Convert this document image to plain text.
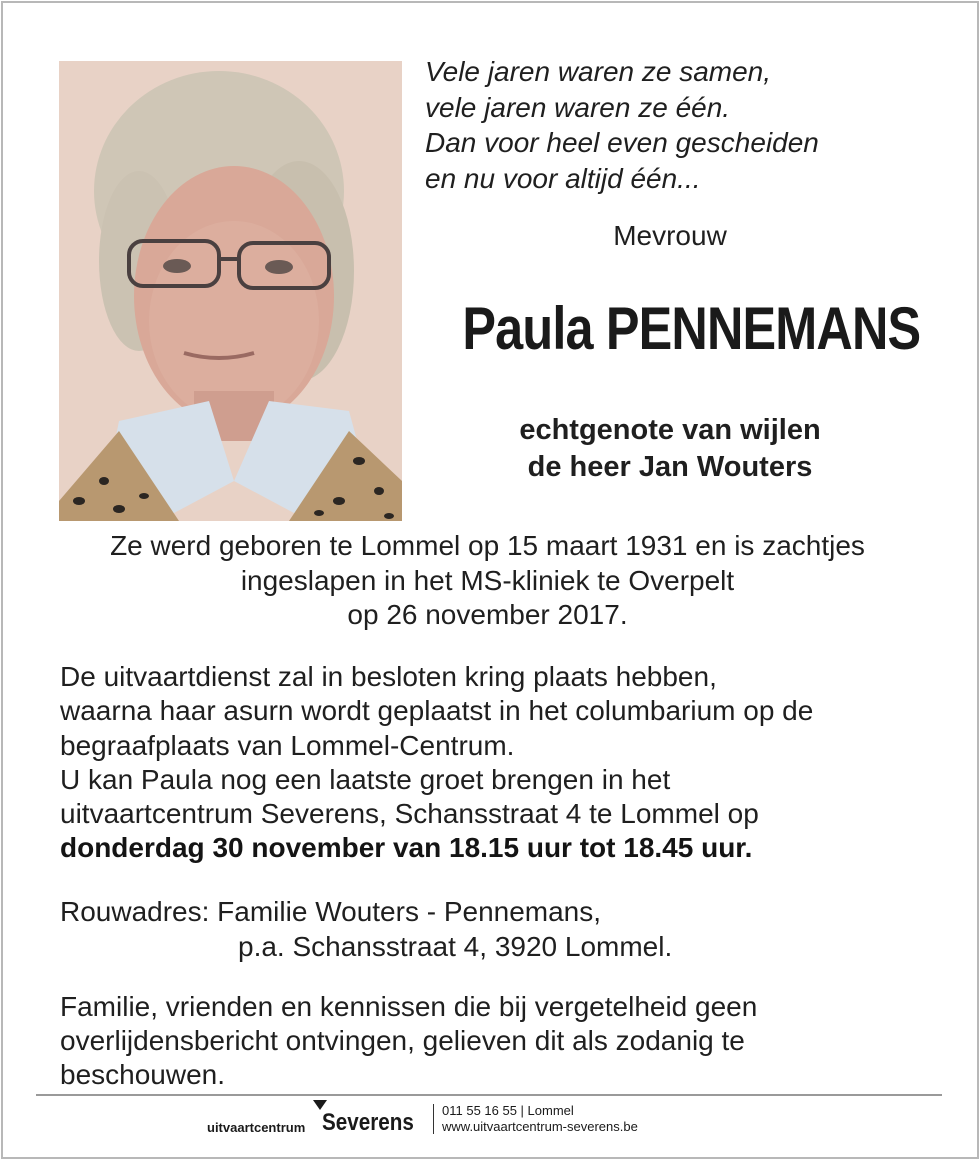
Vele jaren waren ze samen,
vele jaren waren ze één.
Dan voor heel even gescheiden
en nu voor altijd één...
Mevrouw
Paula PENNEMANS
echtgenote van wijlen
de heer Jan Wouters
Ze werd geboren te Lommel op 15 maart 1931 en is zachtjes
ingeslapen in het MS-kliniek te Overpelt
op 26 november 2017.
De uitvaartdienst zal in besloten kring plaats hebben,
waarna haar asurn wordt geplaatst in het columbarium op de
begraafplaats van Lommel-Centrum.
U kan Paula nog een laatste groet brengen in het
uitvaartcentrum Severens, Schansstraat 4 te Lommel op
donderdag 30 november van 18.15 uur tot 18.45 uur.
Rouwadres: Familie Wouters - Pennemans,
p.a. Schansstraat 4, 3920 Lommel.
Familie, vrienden en kennissen die bij vergetelheid geen
overlijdensbericht ontvingen, gelieven dit als zodanig te
beschouwen.
uitvaartcentrum Severens 011 55 16 55 | Lommel
www.uitvaartcentrum-severens.be
